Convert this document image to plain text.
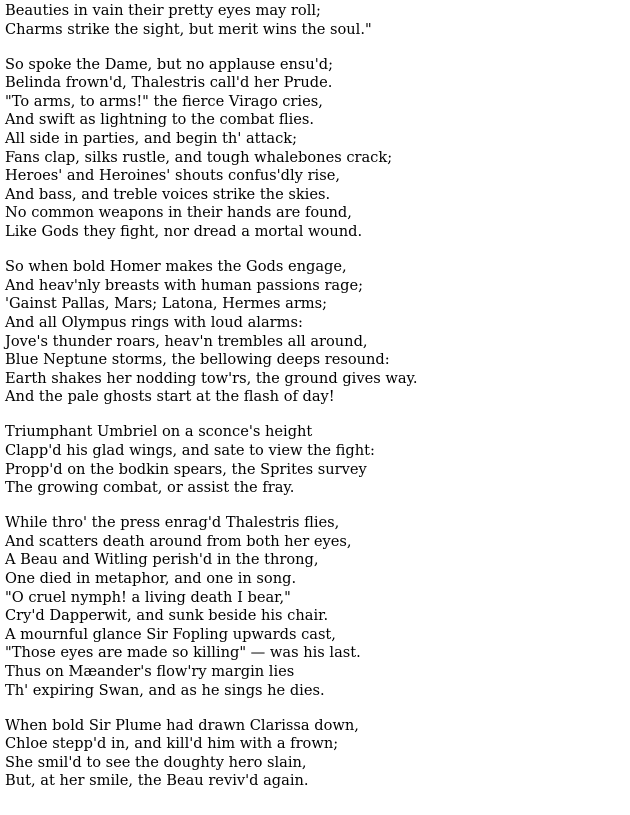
Beauties in vain their pretty eyes may roll;
Charms strike the sight, but merit wins the soul."
So spoke the Dame, but no applause ensu'd;
Belinda frown'd, Thalestris call'd her Prude.
"To arms, to arms!" the fierce Virago cries,
And swift as lightning to the combat flies.
All side in parties, and begin th' attack;
Fans clap, silks rustle, and tough whalebones crack;
Heroes' and Heroines' shouts confus'dly rise,
And bass, and treble voices strike the skies.
No common weapons in their hands are found,
Like Gods they fight, nor dread a mortal wound.
So when bold Homer makes the Gods engage,
And heav'nly breasts with human passions rage;
'Gainst Pallas, Mars; Latona, Hermes arms;
And all Olympus rings with loud alarms:
Jove's thunder roars, heav'n trembles all around,
Blue Neptune storms, the bellowing deeps resound:
Earth shakes her nodding tow'rs, the ground gives way.
And the pale ghosts start at the flash of day!
Triumphant Umbriel on a sconce's height
Clapp'd his glad wings, and sate to view the fight:
Propp'd on the bodkin spears, the Sprites survey
The growing combat, or assist the fray.
While thro' the press enrag'd Thalestris flies,
And scatters death around from both her eyes,
A Beau and Witling perish'd in the throng,
One died in metaphor, and one in song.
"O cruel nymph! a living death I bear,"
Cry'd Dapperwit, and sunk beside his chair.
A mournful glance Sir Fopling upwards cast,
"Those eyes are made so killing" — was his last.
Thus on Mæander's flow'ry margin lies
Th' expiring Swan, and as he sings he dies.
When bold Sir Plume had drawn Clarissa down,
Chloe stepp'd in, and kill'd him with a frown;
She smil'd to see the doughty hero slain,
But, at her smile, the Beau reviv'd again.
